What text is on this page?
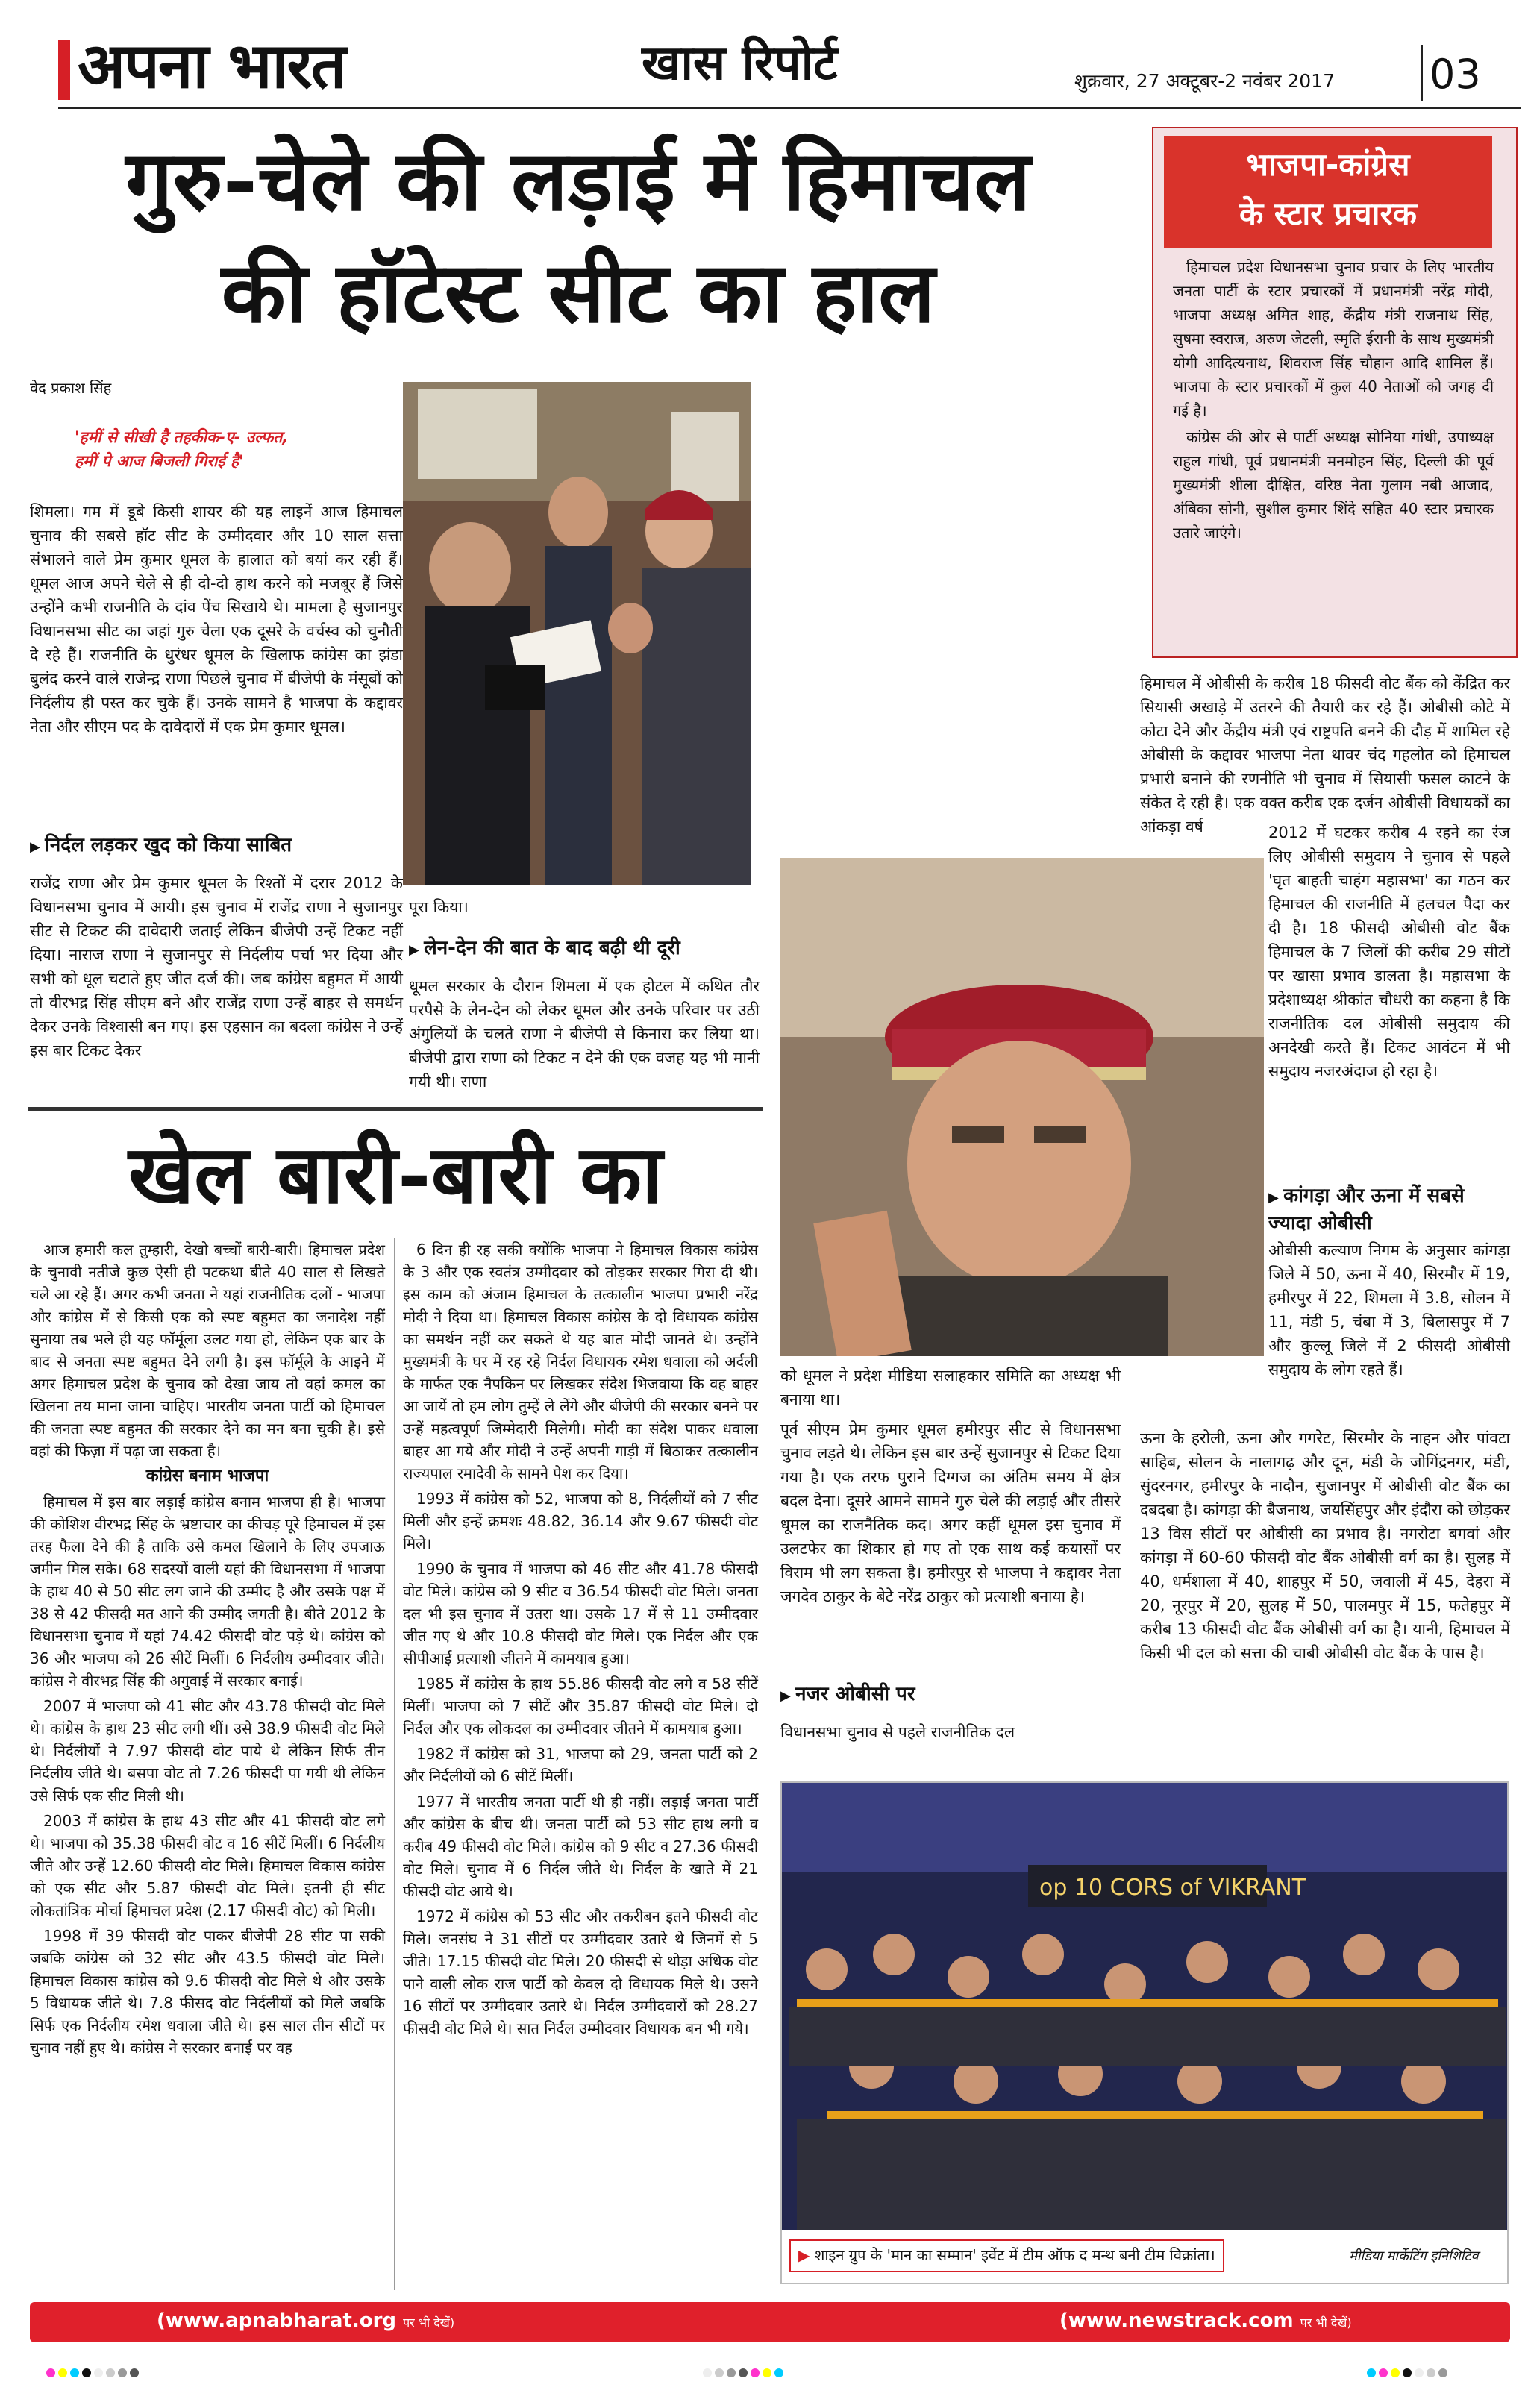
अपना भारत	खास रिपोर्ट	शुक्रवार, 27 अक्टूबर-2 नवंबर 2017 03
गुरु-चेले की लड़ाई में हिमाचल
की हॉटेस्ट सीट का हाल
भाजपा-कांग्रेस
के स्टार प्रचारक

हिमाचल प्रदेश विधानसभा चुनाव प्रचार के लिए भारतीय जनता पार्टी के स्टार प्रचारकों में प्रधानमंत्री नरेंद्र मोदी, भाजपा अध्यक्ष अमित शाह, केंद्रीय मंत्री राजनाथ सिंह, सुषमा स्वराज, अरुण जेटली, स्मृति ईरानी के साथ मुख्यमंत्री योगी आदित्यनाथ, शिवराज सिंह चौहान आदि शामिल हैं। भाजपा के स्टार प्रचारकों में कुल 40 नेताओं को जगह दी गई है।

कांग्रेस की ओर से पार्टी अध्यक्ष सोनिया गांधी, उपाध्यक्ष राहुल गांधी, पूर्व प्रधानमंत्री मनमोहन सिंह, दिल्ली की पूर्व मुख्यमंत्री शीला दीक्षित, वरिष्ठ नेता गुलाम नबी आजाद, अंबिका सोनी, सुशील कुमार शिंदे सहित 40 स्टार प्रचारक उतारे जाएंगे।

वेद प्रकाश सिंह
'हमीं से सीखी है तहकीक-ए- उल्फत,
हमीं पे आज बिजली गिराई है'
शिमला। गम में डूबे किसी शायर की यह लाइनें आज हिमाचल चुनाव की सबसे हॉट सीट के उम्मीदवार और 10 साल सत्ता संभालने वाले प्रेम कुमार धूमल के हालात को बयां कर रही हैं। धूमल आज अपने चेले से ही दो-दो हाथ करने को मजबूर हैं जिसे उन्होंने कभी राजनीति के दांव पेंच सिखाये थे। मामला है सुजानपुर विधानसभा सीट का जहां गुरु चेला एक दूसरे के वर्चस्व को चुनौती दे रहे हैं। राजनीति के धुरंधर धूमल के खिलाफ कांग्रेस का झंडा बुलंद करने वाले राजेन्द्र राणा पिछले चुनाव में बीजेपी के मंसूबों को निर्दलीय ही पस्त कर चुके हैं। उनके सामने है भाजपा के कद्दावर नेता और सीएम पद के दावेदारों में एक प्रेम कुमार धूमल।
▶ निर्दल लड़कर खुद को किया साबित
राजेंद्र राणा और प्रेम कुमार धूमल के रिश्तों में दरार 2012 के विधानसभा चुनाव में आयी। इस चुनाव में राजेंद्र राणा ने सुजानपुर सीट से टिकट की दावेदारी जताई लेकिन बीजेपी उन्हें टिकट नहीं दिया। नाराज राणा ने सुजानपुर से निर्दलीय पर्चा भर दिया और सभी को धूल चटाते हुए जीत दर्ज की। जब कांग्रेस बहुमत में आयी तो वीरभद्र सिंह सीएम बने और राजेंद्र राणा उन्हें बाहर से समर्थन देकर उनके विश्वासी बन गए। इस एहसान का बदला कांग्रेस ने उन्हें इस बार टिकट देकर
पूरा किया।
▶ लेन-देन की बात के बाद बढ़ी थी दूरी
धूमल सरकार के दौरान शिमला में एक होटल में कथित तौर परपैसे के लेन-देन को लेकर धूमल और उनके परिवार पर उठी अंगुलियों के चलते राणा ने बीजेपी से किनारा कर लिया था। बीजेपी द्वारा राणा को टिकट न देने की एक वजह यह भी मानी गयी थी। राणा
हिमाचल में ओबीसी के करीब 18 फीसदी वोट बैंक को केंद्रित कर सियासी अखाड़े में उतरने की तैयारी कर रहे हैं। ओबीसी कोटे में कोटा देने और केंद्रीय मंत्री एवं राष्ट्रपति बनने की दौड़ में शामिल रहे ओबीसी के कद्दावर भाजपा नेता थावर चंद गहलोत को हिमाचल प्रभारी बनाने की रणनीति भी चुनाव में सियासी फसल काटने के संकेत दे रही है। एक वक्त करीब एक दर्जन ओबीसी विधायकों का आंकड़ा वर्ष	2012 में घटकर करीब 4 रहने का रंज लिए ओबीसी समुदाय ने चुनाव से पहले 'घृत बाहती चाहंग महासभा' का गठन कर हिमाचल की राजनीति में हलचल पैदा कर दी है। 18 फीसदी ओबीसी वोट बैंक हिमाचल के 7 जिलों की करीब 29 सीटों पर खासा प्रभाव डालता है। महासभा के प्रदेशाध्यक्ष श्रीकांत चौधरी का कहना है कि राजनीतिक दल ओबीसी समुदाय की अनदेखी करते हैं। टिकट आवंटन में भी समुदाय नजरअंदाज हो रहा है।
▶ कांगड़ा और ऊना में सबसे ज्यादा ओबीसी
ओबीसी कल्याण निगम के अनुसार कांगड़ा जिले में 50, ऊना में 40, सिरमौर में 19, हमीरपुर में 22, शिमला में 3.8, सोलन में 11, मंडी 5, चंबा में 3, बिलासपुर में 7 और कुल्लू जिले में 2 फीसदी ओबीसी समुदाय के लोग रहते हैं।
ऊना के हरोली, ऊना और गगरेट, सिरमौर के नाहन और पांवटा साहिब, सोलन के नालागढ़ और दून, मंडी के जोगिंद्रनगर, मंडी, सुंदरनगर, हमीरपुर के नादौन, सुजानपुर में ओबीसी वोट बैंक का दबदबा है। कांगड़ा की बैजनाथ, जयसिंहपुर और इंदौरा को छोड़कर 13 विस सीटों पर ओबीसी का प्रभाव है। नगरोटा बगवां और कांगड़ा में 60-60 फीसदी वोट बैंक ओबीसी वर्ग का है। सुलह में 40, धर्मशाला में 40, शाहपुर में 50, जवाली में 45, देहरा में 20, नूरपुर में 20, सुलह में 50, पालमपुर में 15, फतेहपुर में करीब 13 फीसदी वोट बैंक ओबीसी वर्ग का है। यानी, हिमाचल में किसी भी दल को सत्ता की चाबी ओबीसी वोट बैंक के पास है।
को धूमल ने प्रदेश मीडिया सलाहकार समिति का अध्यक्ष भी बनाया था।
पूर्व सीएम प्रेम कुमार धूमल हमीरपुर सीट से विधानसभा चुनाव लड़ते थे। लेकिन इस बार उन्हें सुजानपुर से टिकट दिया गया है। एक तरफ पुराने दिग्गज का अंतिम समय में क्षेत्र बदल देना। दूसरे आमने सामने गुरु चेले की लड़ाई और तीसरे धूमल का राजनैतिक कद। अगर कहीं धूमल इस चुनाव में उलटफेर का शिकार हो गए तो एक साथ कई कयासों पर विराम भी लग सकता है। हमीरपुर से भाजपा ने कद्दावर नेता जगदेव ठाकुर के बेटे नरेंद्र ठाकुर को प्रत्याशी बनाया है।
▶ नजर ओबीसी पर
विधानसभा चुनाव से पहले राजनीतिक दल
खेल बारी-बारी का

आज हमारी कल तुम्हारी, देखो बच्चों बारी-बारी। हिमाचल प्रदेश के चुनावी नतीजे कुछ ऐसी ही पटकथा बीते 40 साल से लिखते चले आ रहे हैं। अगर कभी जनता ने यहां राजनीतिक दलों - भाजपा और कांग्रेस में से किसी एक को स्पष्ट बहुमत का जनादेश नहीं सुनाया तब भले ही यह फॉर्मूला उलट गया हो, लेकिन एक बार के बाद से जनता स्पष्ट बहुमत देने लगी है। इस फॉर्मूले के आइने में अगर हिमाचल प्रदेश के चुनाव को देखा जाय तो वहां कमल का खिलना तय माना जाना चाहिए। भारतीय जनता पार्टी को हिमाचल की जनता स्पष्ट बहुमत की सरकार देने का मन बना चुकी है। इसे वहां की फिज़ा में पढ़ा जा सकता है।

कांग्रेस बनाम भाजपा

हिमाचल में इस बार लड़ाई कांग्रेस बनाम भाजपा ही है। भाजपा की कोशिश वीरभद्र सिंह के भ्रष्टाचार का कीचड़ पूरे हिमाचल में इस तरह फैला देने की है ताकि उसे कमल खिलाने के लिए उपजाऊ जमीन मिल सके। 68 सदस्यों वाली यहां की विधानसभा में भाजपा के हाथ 40 से 50 सीट लग जाने की उम्मीद है और उसके पक्ष में 38 से 42 फीसदी मत आने की उम्मीद जगती है। बीते 2012 के विधानसभा चुनाव में यहां 74.42 फीसदी वोट पड़े थे। कांग्रेस को 36 और भाजपा को 26 सीटें मिलीं। 6 निर्दलीय उम्मीदवार जीते। कांग्रेस ने वीरभद्र सिंह की अगुवाई में सरकार बनाई।

2007 में भाजपा को 41 सीट और 43.78 फीसदी वोट मिले थे। कांग्रेस के हाथ 23 सीट लगी थीं। उसे 38.9 फीसदी वोट मिले थे। निर्दलीयों ने 7.97 फीसदी वोट पाये थे लेकिन सिर्फ तीन निर्दलीय जीते थे। बसपा वोट तो 7.26 फीसदी पा गयी थी लेकिन उसे सिर्फ एक सीट मिली थी।

2003 में कांग्रेस के हाथ 43 सीट और 41 फीसदी वोट लगे थे। भाजपा को 35.38 फीसदी वोट व 16 सीटें मिलीं। 6 निर्दलीय जीते और उन्हें 12.60 फीसदी वोट मिले। हिमाचल विकास कांग्रेस को एक सीट और 5.87 फीसदी वोट मिले। इतनी ही सीट लोकतांत्रिक मोर्चा हिमाचल प्रदेश (2.17 फीसदी वोट) को मिली।

1998 में 39 फीसदी वोट पाकर बीजेपी 28 सीट पा सकी जबकि कांग्रेस को 32 सीट और 43.5 फीसदी वोट मिले। हिमाचल विकास कांग्रेस को 9.6 फीसदी वोट मिले थे और उसके 5 विधायक जीते थे। 7.8 फीसद वोट निर्दलीयों को मिले जबकि सिर्फ एक निर्दलीय रमेश धवाला जीते थे। इस साल तीन सीटों पर चुनाव नहीं हुए थे। कांग्रेस ने सरकार बनाई पर वह

6 दिन ही रह सकी क्योंकि भाजपा ने हिमाचल विकास कांग्रेस के 3 और एक स्वतंत्र उम्मीदवार को तोड़कर सरकार गिरा दी थी। इस काम को अंजाम हिमाचल के तत्कालीन भाजपा प्रभारी नरेंद्र मोदी ने दिया था। हिमाचल विकास कांग्रेस के दो विधायक कांग्रेस का समर्थन नहीं कर सकते थे यह बात मोदी जानते थे। उन्होंने मुख्यमंत्री के घर में रह रहे निर्दल विधायक रमेश धवाला को अर्दली के मार्फत एक नैपकिन पर लिखकर संदेश भिजवाया कि वह बाहर आ जायें तो हम लोग तुम्हें ले लेंगे और बीजेपी की सरकार बनने पर उन्हें महत्वपूर्ण जिम्मेदारी मिलेगी। मोदी का संदेश पाकर धवाला बाहर आ गये और मोदी ने उन्हें अपनी गाड़ी में बिठाकर तत्कालीन राज्यपाल रमादेवी के सामने पेश कर दिया।

1993 में कांग्रेस को 52, भाजपा को 8, निर्दलीयों को 7 सीट मिली और इन्हें क्रमशः 48.82, 36.14 और 9.67 फीसदी वोट मिले।

1990 के चुनाव में भाजपा को 46 सीट और 41.78 फीसदी वोट मिले। कांग्रेस को 9 सीट व 36.54 फीसदी वोट मिले। जनता दल भी इस चुनाव में उतरा था। उसके 17 में से 11 उम्मीदवार जीत गए थे और 10.8 फीसदी वोट मिले। एक निर्दल और एक सीपीआई प्रत्याशी जीतने में कामयाब हुआ।

1985 में कांग्रेस के हाथ 55.86 फीसदी वोट लगे व 58 सीटें मिलीं। भाजपा को 7 सीटें और 35.87 फीसदी वोट मिले। दो निर्दल और एक लोकदल का उम्मीदवार जीतने में कामयाब हुआ।

1982 में कांग्रेस को 31, भाजपा को 29, जनता पार्टी को 2 और निर्दलीयों को 6 सीटें मिलीं।

1977 में भारतीय जनता पार्टी थी ही नहीं। लड़ाई जनता पार्टी और कांग्रेस के बीच थी। जनता पार्टी को 53 सीट हाथ लगी व करीब 49 फीसदी वोट मिले। कांग्रेस को 9 सीट व 27.36 फीसदी वोट मिले। चुनाव में 6 निर्दल जीते थे। निर्दल के खाते में 21 फीसदी वोट आये थे।

1972 में कांग्रेस को 53 सीट और तकरीबन इतने फीसदी वोट मिले। जनसंघ ने 31 सीटों पर उम्मीदवार उतारे थे जिनमें से 5 जीते। 17.15 फीसदी वोट मिले। 20 फीसदी से थोड़ा अधिक वोट पाने वाली लोक राज पार्टी को केवल दो विधायक मिले थे। उसने 16 सीटों पर उम्मीदवार उतारे थे। निर्दल उम्मीदवारों को 28.27 फीसदी वोट मिले थे। सात निर्दल उम्मीदवार विधायक बन भी गये।

op 10 CORS of VIKRANT
▶ शाइन ग्रुप के 'मान का सम्मान' इवेंट में टीम ऑफ द मन्थ बनी टीम विक्रांता।	मीडिया मार्केटिंग इनिशिटिव
(www.apnabharat.org पर भी देखें)	(www.newstrack.com पर भी देखें)
